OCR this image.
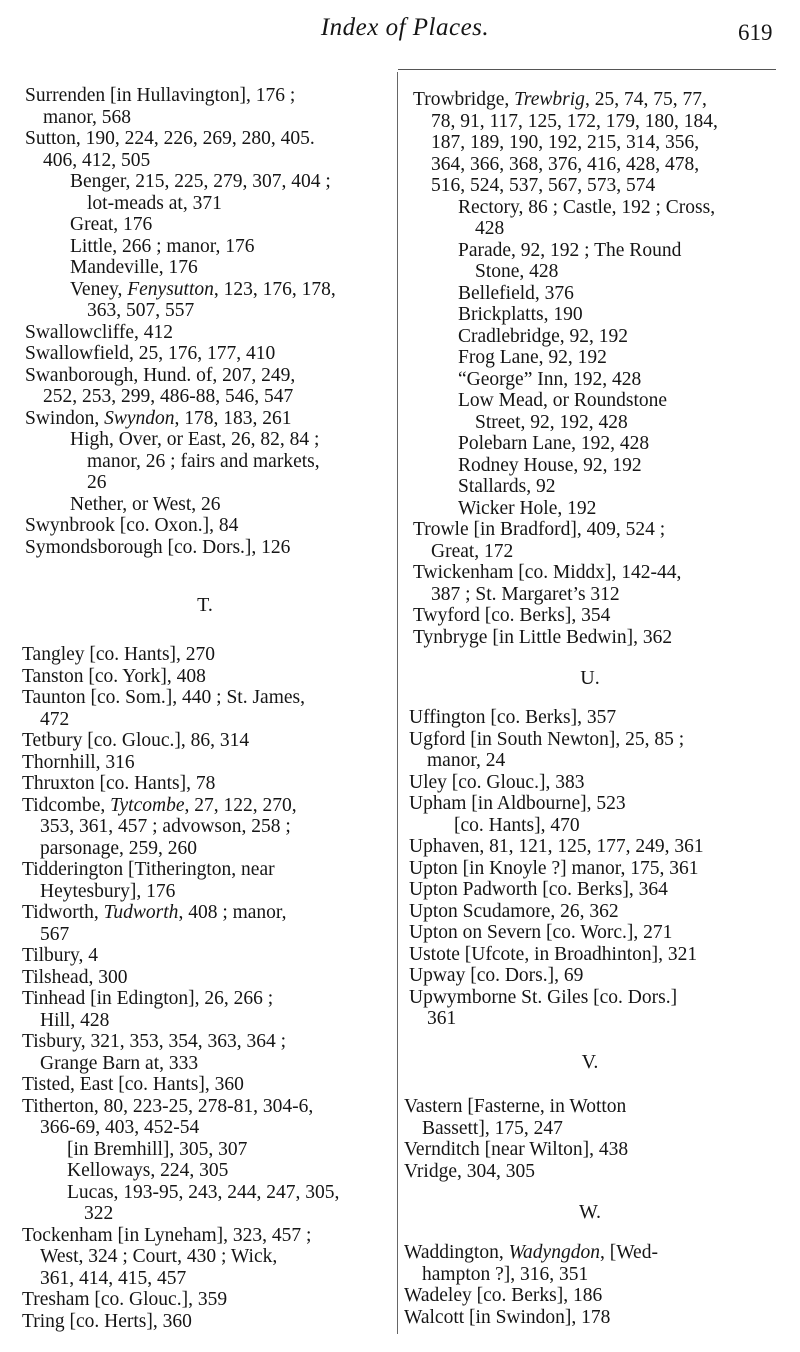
Index of Places.	619
T.
U.
V.
W.
Surrenden [in Hullavington], 176 ;
manor, 568
Sutton, 190, 224, 226, 269, 280, 405.
406, 412, 505
Benger, 215, 225, 279, 307, 404 ;
lot-meads at, 371
Great, 176
Little, 266 ; manor, 176
Mandeville, 176
Veney, Fenysutton, 123, 176, 178,
363, 507, 557
Swallowcliffe, 412
Swallowfield, 25, 176, 177, 410
Swanborough, Hund. of, 207, 249,
252, 253, 299, 486-88, 546, 547
Swindon, Swyndon, 178, 183, 261
High, Over, or East, 26, 82, 84 ;
manor, 26 ; fairs and markets,
26
Nether, or West, 26
Swynbrook [co. Oxon.], 84
Symondsborough [co. Dors.], 126
Tangley [co. Hants], 270
Tanston [co. York], 408
Taunton [co. Som.], 440 ; St. James,
472
Tetbury [co. Glouc.], 86, 314
Thornhill, 316
Thruxton [co. Hants], 78
Tidcombe, Tytcombe, 27, 122, 270,
353, 361, 457 ; advowson, 258 ;
parsonage, 259, 260
Tidderington [Titherington, near
Heytesbury], 176
Tidworth, Tudworth, 408 ; manor,
567
Tilbury, 4
Tilshead, 300
Tinhead [in Edington], 26, 266 ;
Hill, 428
Tisbury, 321, 353, 354, 363, 364 ;
Grange Barn at, 333
Tisted, East [co. Hants], 360
Titherton, 80, 223-25, 278-81, 304-6,
366-69, 403, 452-54
[in Bremhill], 305, 307
Kelloways, 224, 305
Lucas, 193-95, 243, 244, 247, 305,
322
Tockenham [in Lyneham], 323, 457 ;
West, 324 ; Court, 430 ; Wick,
361, 414, 415, 457
Tresham [co. Glouc.], 359
Tring [co. Herts], 360
Trowbridge, Trewbrig, 25, 74, 75, 77,
78, 91, 117, 125, 172, 179, 180, 184,
187, 189, 190, 192, 215, 314, 356,
364, 366, 368, 376, 416, 428, 478,
516, 524, 537, 567, 573, 574
Rectory, 86 ; Castle, 192 ; Cross,
428
Parade, 92, 192 ; The Round
Stone, 428
Bellefield, 376
Brickplatts, 190
Cradlebridge, 92, 192
Frog Lane, 92, 192
“George” Inn, 192, 428
Low Mead, or Roundstone
Street, 92, 192, 428
Polebarn Lane, 192, 428
Rodney House, 92, 192
Stallards, 92
Wicker Hole, 192
Trowle [in Bradford], 409, 524 ;
Great, 172
Twickenham [co. Middx], 142-44,
387 ; St. Margaret’s 312
Twyford [co. Berks], 354
Tynbryge [in Little Bedwin], 362
Uffington [co. Berks], 357
Ugford [in South Newton], 25, 85 ;
manor, 24
Uley [co. Glouc.], 383
Upham [in Aldbourne], 523
[co. Hants], 470
Uphaven, 81, 121, 125, 177, 249, 361
Upton [in Knoyle ?] manor, 175, 361
Upton Padworth [co. Berks], 364
Upton Scudamore, 26, 362
Upton on Severn [co. Worc.], 271
Ustote [Ufcote, in Broadhinton], 321
Upway [co. Dors.], 69
Upwymborne St. Giles [co. Dors.]
361
Vastern [Fasterne, in Wotton
Bassett], 175, 247
Vernditch [near Wilton], 438
Vridge, 304, 305
Waddington, Wadyngdon, [Wed-
hampton ?], 316, 351
Wadeley [co. Berks], 186
Walcott [in Swindon], 178
